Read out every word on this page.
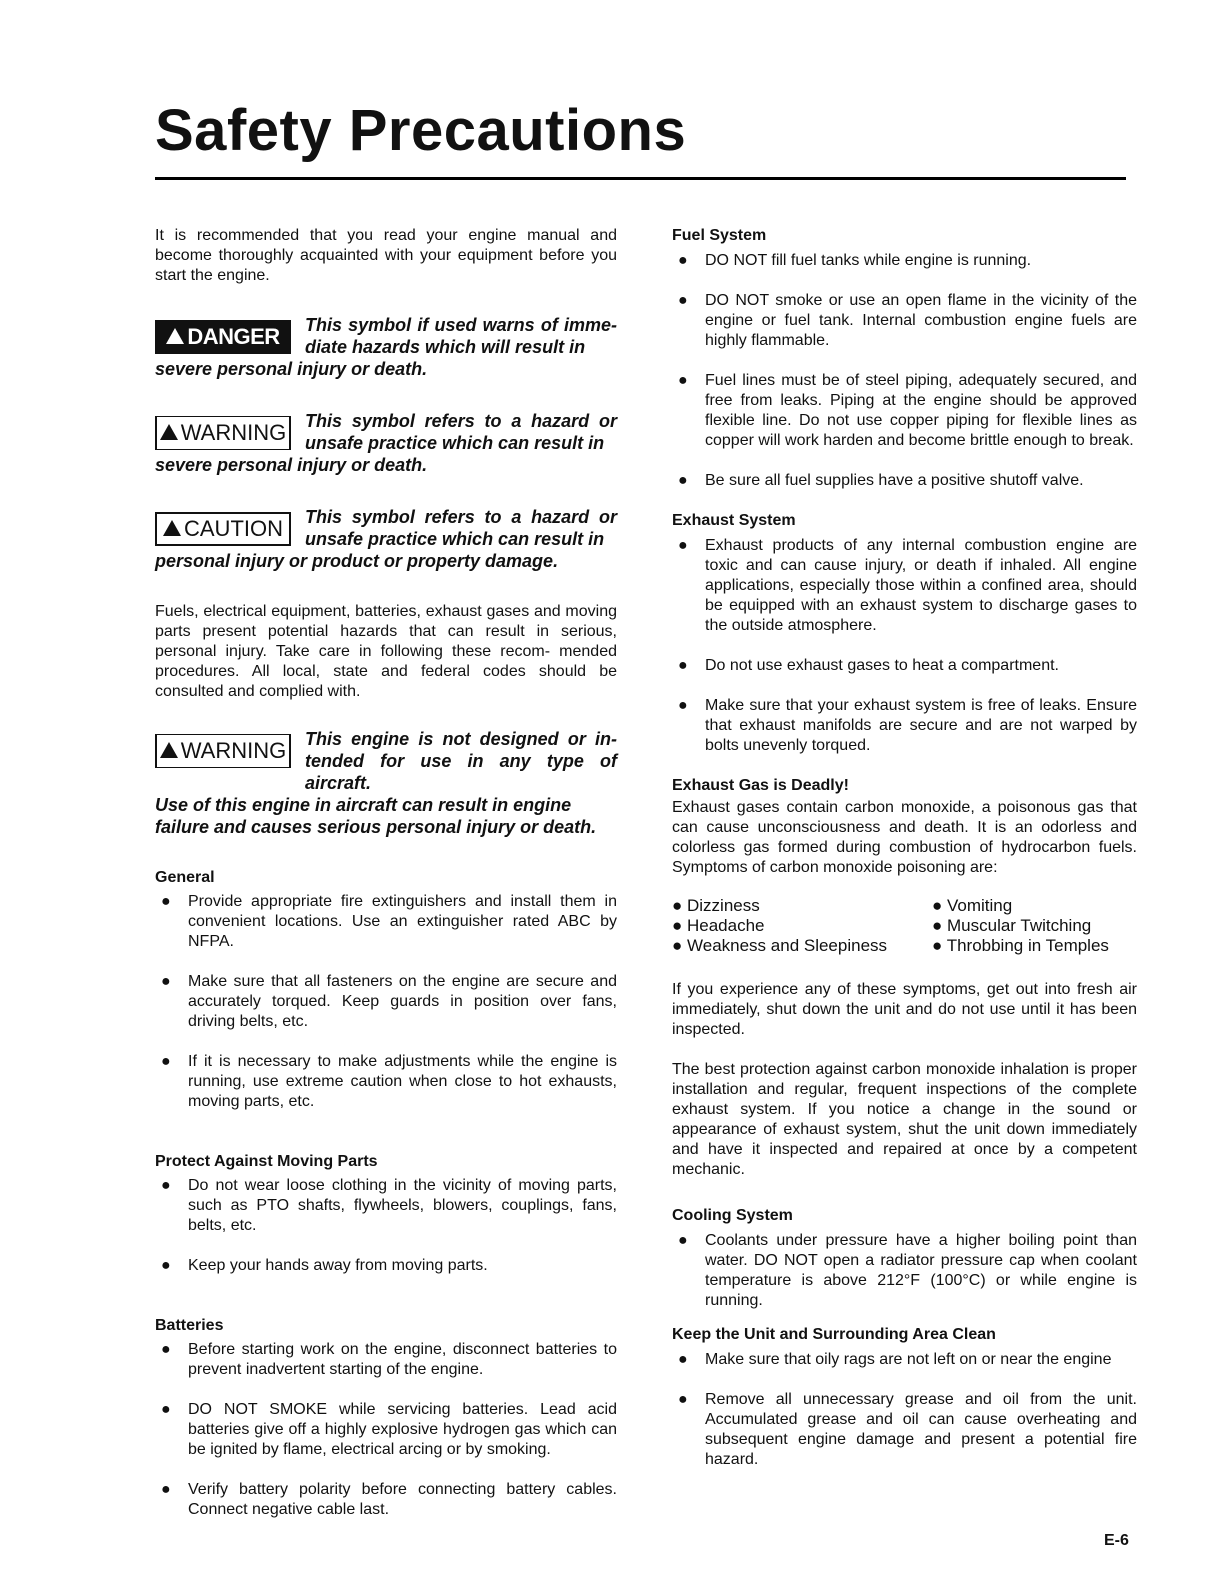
Safety Precautions

It is recommended that you read your engine manual and become thoroughly acquainted with your equipment before you start the engine.

DANGER This symbol if used warns of imme- diate hazards which will result in
severe personal injury or death.
WARNING This symbol refers to a hazard or unsafe practice which can result in
severe personal injury or death.
CAUTION This symbol refers to a hazard or unsafe practice which can result in
personal injury or product or property damage.

Fuels, electrical equipment, batteries, exhaust gases and moving parts present potential hazards that can result in serious, personal injury. Take care in following these recom- mended procedures. All local, state and federal codes should be consulted and complied with.

WARNING This engine is not designed or in- tended for use in any type of aircraft.
Use of this engine in aircraft can result in engine failure and causes serious personal injury or death.
General
● Provide appropriate fire extinguishers and install them in convenient locations. Use an extinguisher rated ABC by NFPA.
● Make sure that all fasteners on the engine are secure and accurately torqued. Keep guards in position over fans, driving belts, etc.
● If it is necessary to make adjustments while the engine is running, use extreme caution when close to hot exhausts, moving parts, etc.
Protect Against Moving Parts
● Do not wear loose clothing in the vicinity of moving parts, such as PTO shafts, flywheels, blowers, couplings, fans, belts, etc.
● Keep your hands away from moving parts.
Batteries
● Before starting work on the engine, disconnect batteries to prevent inadvertent starting of the engine.
● DO NOT SMOKE while servicing batteries. Lead acid batteries give off a highly explosive hydrogen gas which can be ignited by flame, electrical arcing or by smoking.
● Verify battery polarity before connecting battery cables. Connect negative cable last.
Fuel System
● DO NOT fill fuel tanks while engine is running.
● DO NOT smoke or use an open flame in the vicinity of the engine or fuel tank. Internal combustion engine fuels are highly flammable.
● Fuel lines must be of steel piping, adequately secured, and free from leaks. Piping at the engine should be approved flexible line. Do not use copper piping for flexible lines as copper will work harden and become brittle enough to break.
● Be sure all fuel supplies have a positive shutoff valve.
Exhaust System
● Exhaust products of any internal combustion engine are toxic and can cause injury, or death if inhaled. All engine applications, especially those within a confined area, should be equipped with an exhaust system to discharge gases to the outside atmosphere.
● Do not use exhaust gases to heat a compartment.
● Make sure that your exhaust system is free of leaks. Ensure that exhaust manifolds are secure and are not warped by bolts unevenly torqued.
Exhaust Gas is Deadly!

Exhaust gases contain carbon monoxide, a poisonous gas that can cause unconsciousness and death. It is an odorless and colorless gas formed during combustion of hydrocarbon fuels. Symptoms of carbon monoxide poisoning are:

● Dizziness	● Vomiting
● Headache	● Muscular Twitching
● Weakness and Sleepiness	● Throbbing in Temples

If you experience any of these symptoms, get out into fresh air immediately, shut down the unit and do not use until it has been inspected.

The best protection against carbon monoxide inhalation is proper installation and regular, frequent inspections of the complete exhaust system. If you notice a change in the sound or appearance of exhaust system, shut the unit down immediately and have it inspected and repaired at once by a competent mechanic.

Cooling System
● Coolants under pressure have a higher boiling point than water. DO NOT open a radiator pressure cap when coolant temperature is above 212°F (100°C) or while engine is running.
Keep the Unit and Surrounding Area Clean
● Make sure that oily rags are not left on or near the engine
● Remove all unnecessary grease and oil from the unit. Accumulated grease and oil can cause overheating and subsequent engine damage and present a potential fire hazard.
E-6
